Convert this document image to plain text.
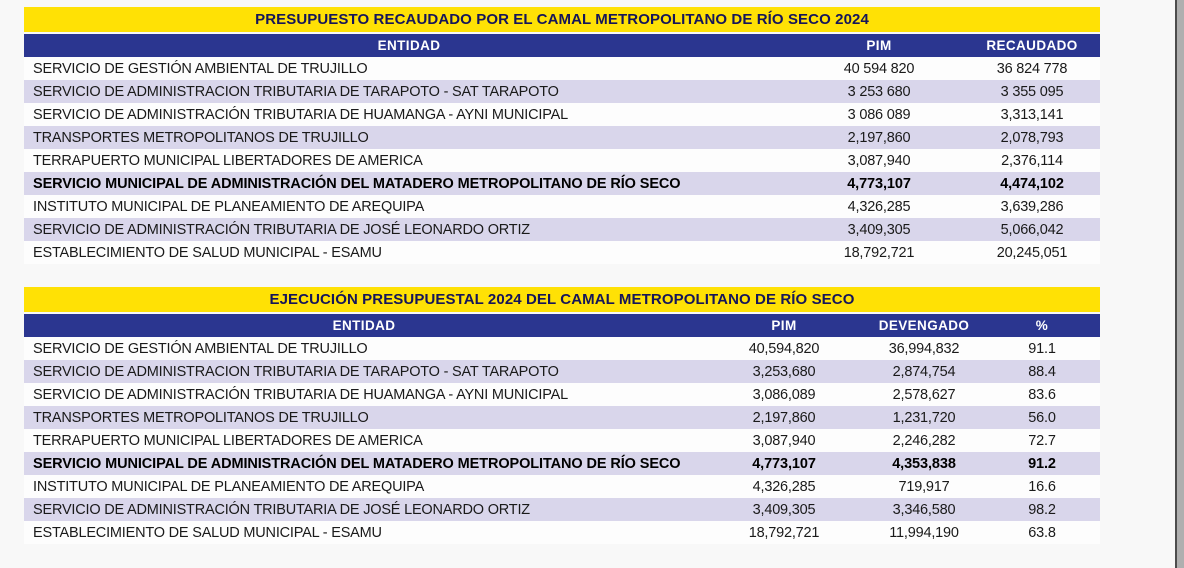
PRESUPUESTO RECAUDADO POR EL CAMAL METROPOLITANO DE RÍO SECO 2024
ENTIDAD	PIM	RECAUDADO
SERVICIO DE GESTIÓN AMBIENTAL DE TRUJILLO	40 594 820	36 824 778
SERVICIO DE ADMINISTRACION TRIBUTARIA DE TARAPOTO - SAT TARAPOTO	3 253 680	3 355 095
SERVICIO DE ADMINISTRACIÓN TRIBUTARIA DE HUAMANGA - AYNI MUNICIPAL	3 086 089	3,313,141
TRANSPORTES METROPOLITANOS DE TRUJILLO	2,197,860	2,078,793
TERRAPUERTO MUNICIPAL LIBERTADORES DE AMERICA	3,087,940	2,376,114
SERVICIO MUNICIPAL DE ADMINISTRACIÓN DEL MATADERO METROPOLITANO DE RÍO SECO	4,773,107	4,474,102
INSTITUTO MUNICIPAL DE PLANEAMIENTO DE AREQUIPA	4,326,285	3,639,286
SERVICIO DE ADMINISTRACIÓN TRIBUTARIA DE JOSÉ LEONARDO ORTIZ	3,409,305	5,066,042
ESTABLECIMIENTO DE SALUD MUNICIPAL - ESAMU	18,792,721	20,245,051
EJECUCIÓN PRESUPUESTAL 2024 DEL CAMAL METROPOLITANO DE RÍO SECO
ENTIDAD	PIM	DEVENGADO	%
SERVICIO DE GESTIÓN AMBIENTAL DE TRUJILLO	40,594,820	36,994,832	91.1
SERVICIO DE ADMINISTRACION TRIBUTARIA DE TARAPOTO - SAT TARAPOTO	3,253,680	2,874,754	88.4
SERVICIO DE ADMINISTRACIÓN TRIBUTARIA DE HUAMANGA - AYNI MUNICIPAL	3,086,089	2,578,627	83.6
TRANSPORTES METROPOLITANOS DE TRUJILLO	2,197,860	1,231,720	56.0
TERRAPUERTO MUNICIPAL LIBERTADORES DE AMERICA	3,087,940	2,246,282	72.7
SERVICIO MUNICIPAL DE ADMINISTRACIÓN DEL MATADERO METROPOLITANO DE RÍO SECO	4,773,107	4,353,838	91.2
INSTITUTO MUNICIPAL DE PLANEAMIENTO DE AREQUIPA	4,326,285	719,917	16.6
SERVICIO DE ADMINISTRACIÓN TRIBUTARIA DE JOSÉ LEONARDO ORTIZ	3,409,305	3,346,580	98.2
ESTABLECIMIENTO DE SALUD MUNICIPAL - ESAMU	18,792,721	11,994,190	63.8
